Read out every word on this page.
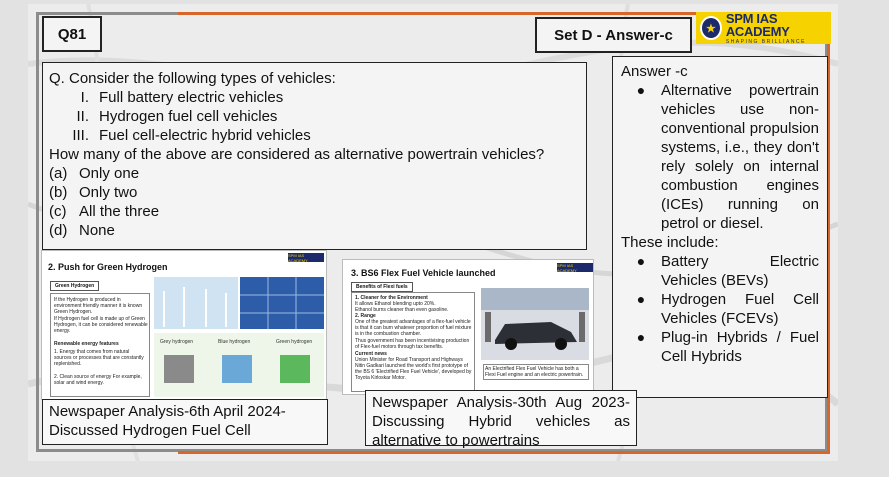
Q81	Set D - Answer-c	★
SPM IAS ACADEMY
SHAPING BRILLIANCE
Q. Consider the following types of vehicles:
I. Full battery electric vehicles
II. Hydrogen fuel cell vehicles
III. Fuel cell-electric hybrid vehicles
How many of the above are considered as alternative powertrain vehicles?
(a) Only one
(b) Only two
(c) All the three
(d) None
Answer -c
●	Alternative powertrain vehicles use non-conventional propulsion systems, i.e., they don't rely solely on internal combustion engines (ICEs) running on petrol or diesel.
These include:
●	Battery Electric Vehicles (BEVs)
●	Hydrogen Fuel Cell Vehicles (FCEVs)
●	Plug-in Hybrids / Fuel Cell Hybrids
2. Push for Green Hydrogen
SPM IAS ACADEMY
Green Hydrogen
If the Hydrogen is produced in environment friendly manner it is known Green Hydrogen.
If Hydrogen fuel cell is made up of Green Hydrogen, it can be considered renewable energy.
Renewable energy features
1. Energy that comes from natural sources or processes that are constantly replenished.
2. Clean source of energy For example, solar and wind energy.
Grey hydrogen	Blue hydrogen	Green hydrogen
3. BS6 Flex Fuel Vehicle launched
SPM IAS ACADEMY
Benefits of Flexi fuels
1. Cleaner for the Environment
It allows Ethanol blending upto 20%.
Ethanol burns cleaner than even gasoline.
2. Range
One of the greatest advantages of a flex-fuel vehicle is that it can burn whatever proportion of fuel mixture is in the combustion chamber.
Thus government has been incentivising production of Flex-fuel motors through tax benefits.
Current news
Union Minister for Road Transport and Highways Nitin Gadkari launched the world's first prototype of the BS 6 'Electrified Flex Fuel Vehicle', developed by Toyota Kirloskar Motor.
An Electrified Flex Fuel Vehicle has both a Flexi Fuel engine and an electric powertrain.
Newspaper Analysis-6th April 2024-Discussed Hydrogen Fuel Cell
Newspaper Analysis-30th Aug 2023-Discussing Hybrid vehicles as alternative to powertrains
